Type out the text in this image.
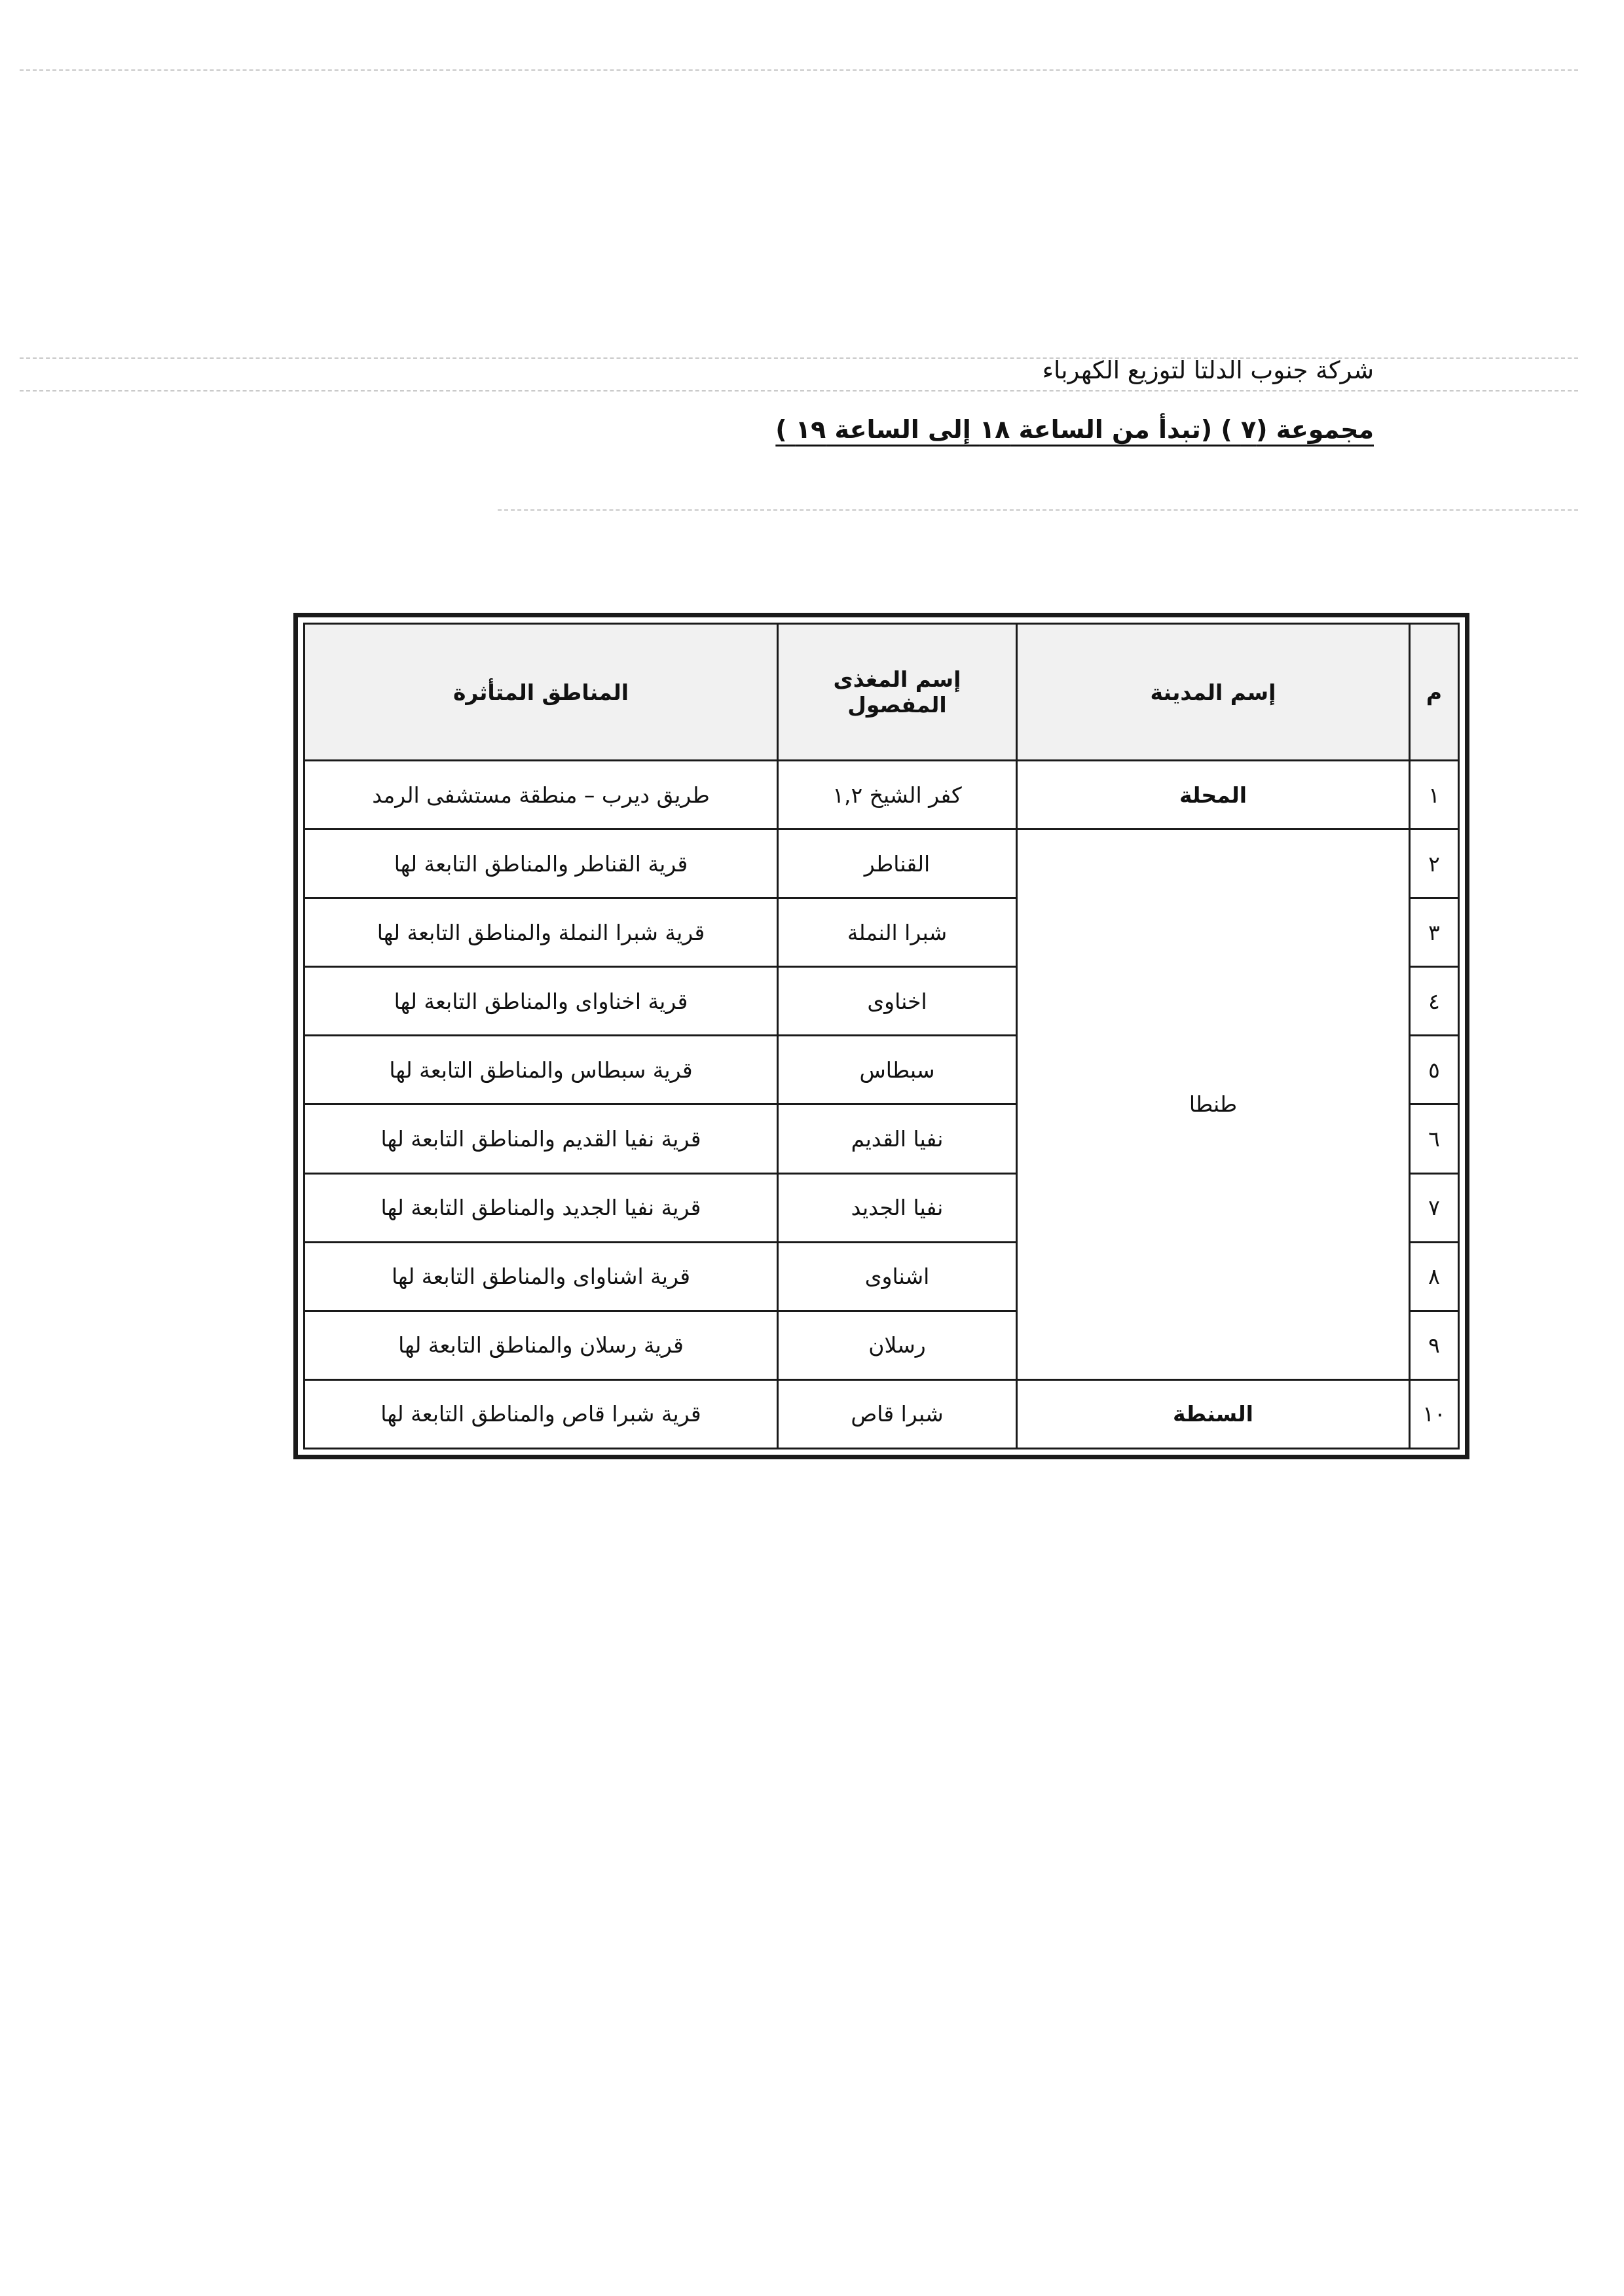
شركة جنوب الدلتا لتوزيع الكهرباء
مجموعة (٧ ) (تبدأ من الساعة ١٨ إلى الساعة ١٩ )
م	إسم المدينة	إسم المغذى المفصول	المناطق المتأثرة
١	المحلة	كفر الشيخ ١,٢	طريق ديرب – منطقة مستشفى الرمد
٢	طنطا	القناطر	قرية القناطر والمناطق التابعة لها
٣		شبرا النملة	قرية شبرا النملة والمناطق التابعة لها
٤		اخناوى	قرية اخناواى والمناطق التابعة لها
٥		سبطاس	قرية سبطاس والمناطق التابعة لها
٦		نفيا القديم	قرية نفيا القديم والمناطق التابعة لها
٧		نفيا الجديد	قرية نفيا الجديد والمناطق التابعة لها
٨		اشناوى	قرية اشناواى والمناطق التابعة لها
٩		رسلان	قرية رسلان والمناطق التابعة لها
١٠	السنطة	شبرا قاص	قرية شبرا قاص والمناطق التابعة لها
